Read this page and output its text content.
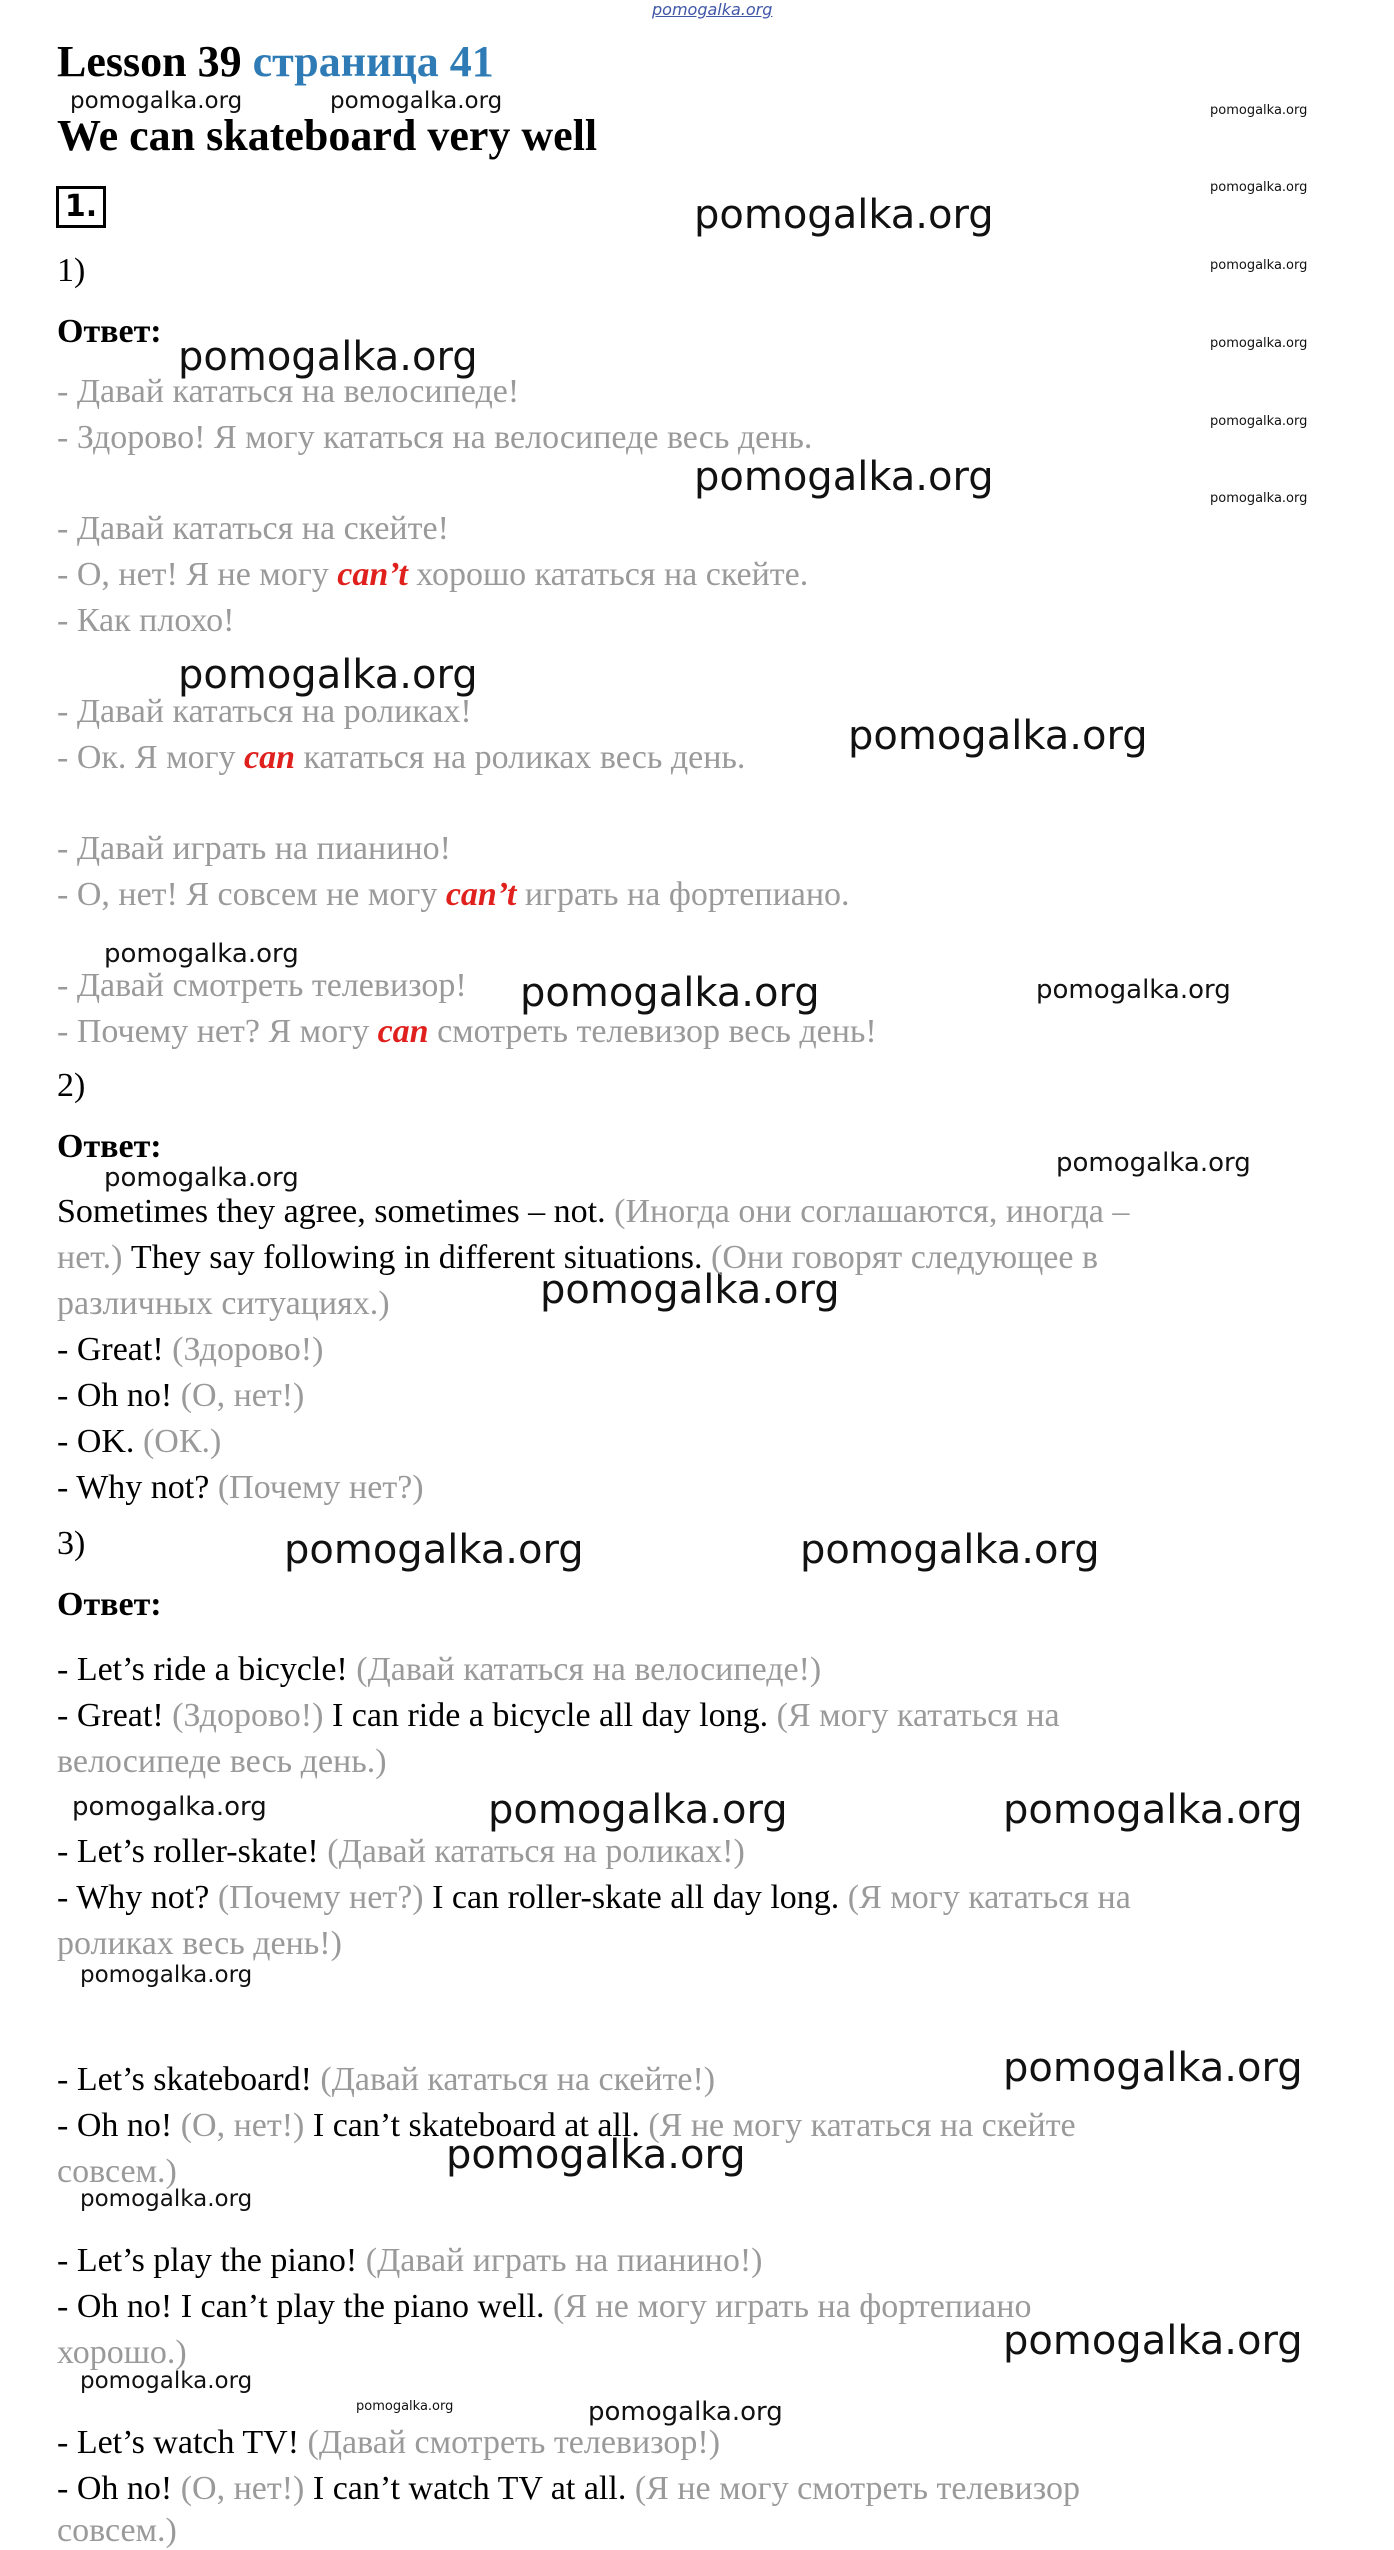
pomogalka.org
pomogalka.org	pomogalka.org	pomogalka.org
pomogalka.org
pomogalka.org
pomogalka.org
pomogalka.org
pomogalka.org
pomogalka.org
pomogalka.org
pomogalka.org
pomogalka.org
pomogalka.org
pomogalka.org
pomogalka.org	pomogalka.org
pomogalka.org
pomogalka.org
pomogalka.org
pomogalka.org	pomogalka.org
pomogalka.org	pomogalka.org	pomogalka.org
pomogalka.org
pomogalka.org
pomogalka.org
pomogalka.org
pomogalka.org
pomogalka.org
pomogalka.org	pomogalka.org
Lesson 39 страница 41
We can skateboard very well
1.
1)
Ответ:
- Давай кататься на велосипеде!
- Здорово! Я могу кататься на велосипеде весь день.
- Давай кататься на скейте!
- О, нет! Я не могу can’t хорошо кататься на скейте.
- Как плохо!
- Давай кататься на роликах!
- Ок. Я могу can кататься на роликах весь день.
- Давай играть на пианино!
- О, нет! Я совсем не могу can’t играть на фортепиано.
- Давай смотреть телевизор!
- Почему нет? Я могу can смотреть телевизор весь день!
2)
Ответ:
Sometimes they agree, sometimes – not. (Иногда они соглашаются, иногда –
нет.) They say following in different situations. (Они говорят следующее в
различных ситуациях.)
- Great! (Здорово!)
- Oh no! (О, нет!)
- OK. (ОК.)
- Why not? (Почему нет?)
3)
Ответ:
- Let’s ride a bicycle! (Давай кататься на велосипеде!)
- Great! (Здорово!) I can ride a bicycle all day long. (Я могу кататься на
велосипеде весь день.)
- Let’s roller-skate! (Давай кататься на роликах!)
- Why not? (Почему нет?) I can roller-skate all day long. (Я могу кататься на
роликах весь день!)
- Let’s skateboard! (Давай кататься на скейте!)
- Oh no! (О, нет!) I can’t skateboard at all. (Я не могу кататься на скейте
совсем.)
- Let’s play the piano! (Давай играть на пианино!)
- Oh no! I can’t play the piano well. (Я не могу играть на фортепиано
хорошо.)
- Let’s watch TV! (Давай смотреть телевизор!)
- Oh no! (О, нет!) I can’t watch TV at all. (Я не могу смотреть телевизор
совсем.)
